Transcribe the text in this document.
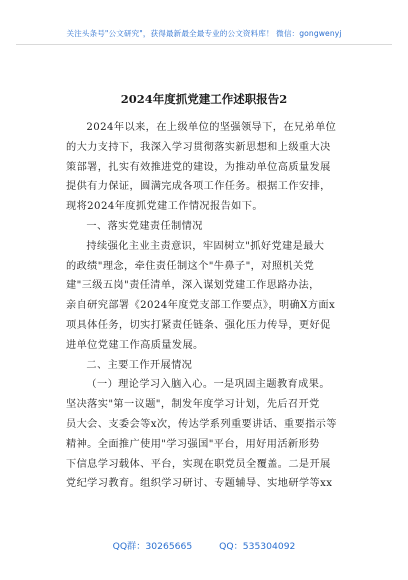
关注头条号"公文研究"，获得最新最全最专业的公文资料库！ 微信：gongwenyj
2024年度抓党建工作述职报告2

2024年以来，在上级单位的坚强领导下，在兄弟单位
的大力支持下，我深入学习贯彻落实新思想和上级重大决
策部署，扎实有效推进党的建设，为推动单位高质量发展
提供有力保证，圆满完成各项工作任务。根据工作安排，
现将2024年度抓党建工作情况报告如下。

一、落实党建责任制情况

持续强化主业主责意识，牢固树立"抓好党建是最大
的政绩"理念，牵住责任制这个"牛鼻子"，对照机关党
建"三级五岗"责任清单，深入谋划党建工作思路办法，
亲自研究部署《2024年度党支部工作要点》，明确X方面x
项具体任务，切实打紧责任链条、强化压力传导，更好促
进单位党建工作高质量发展。

二、主要工作开展情况

（一）理论学习入脑入心。一是巩固主题教育成果。
坚决落实"第一议题"，制发年度学习计划，先后召开党
员大会、支委会等x次，传达学系列重要讲话、重要指示等
精神。全面推广使用"学习强国"平台，用好用活新形势
下信息学习载体、平台，实现在职党员全覆盖。二是开展
党纪学习教育。组织学习研讨、专题辅导、实地研学等xx

QQ群：30265665	QQ：535304092
